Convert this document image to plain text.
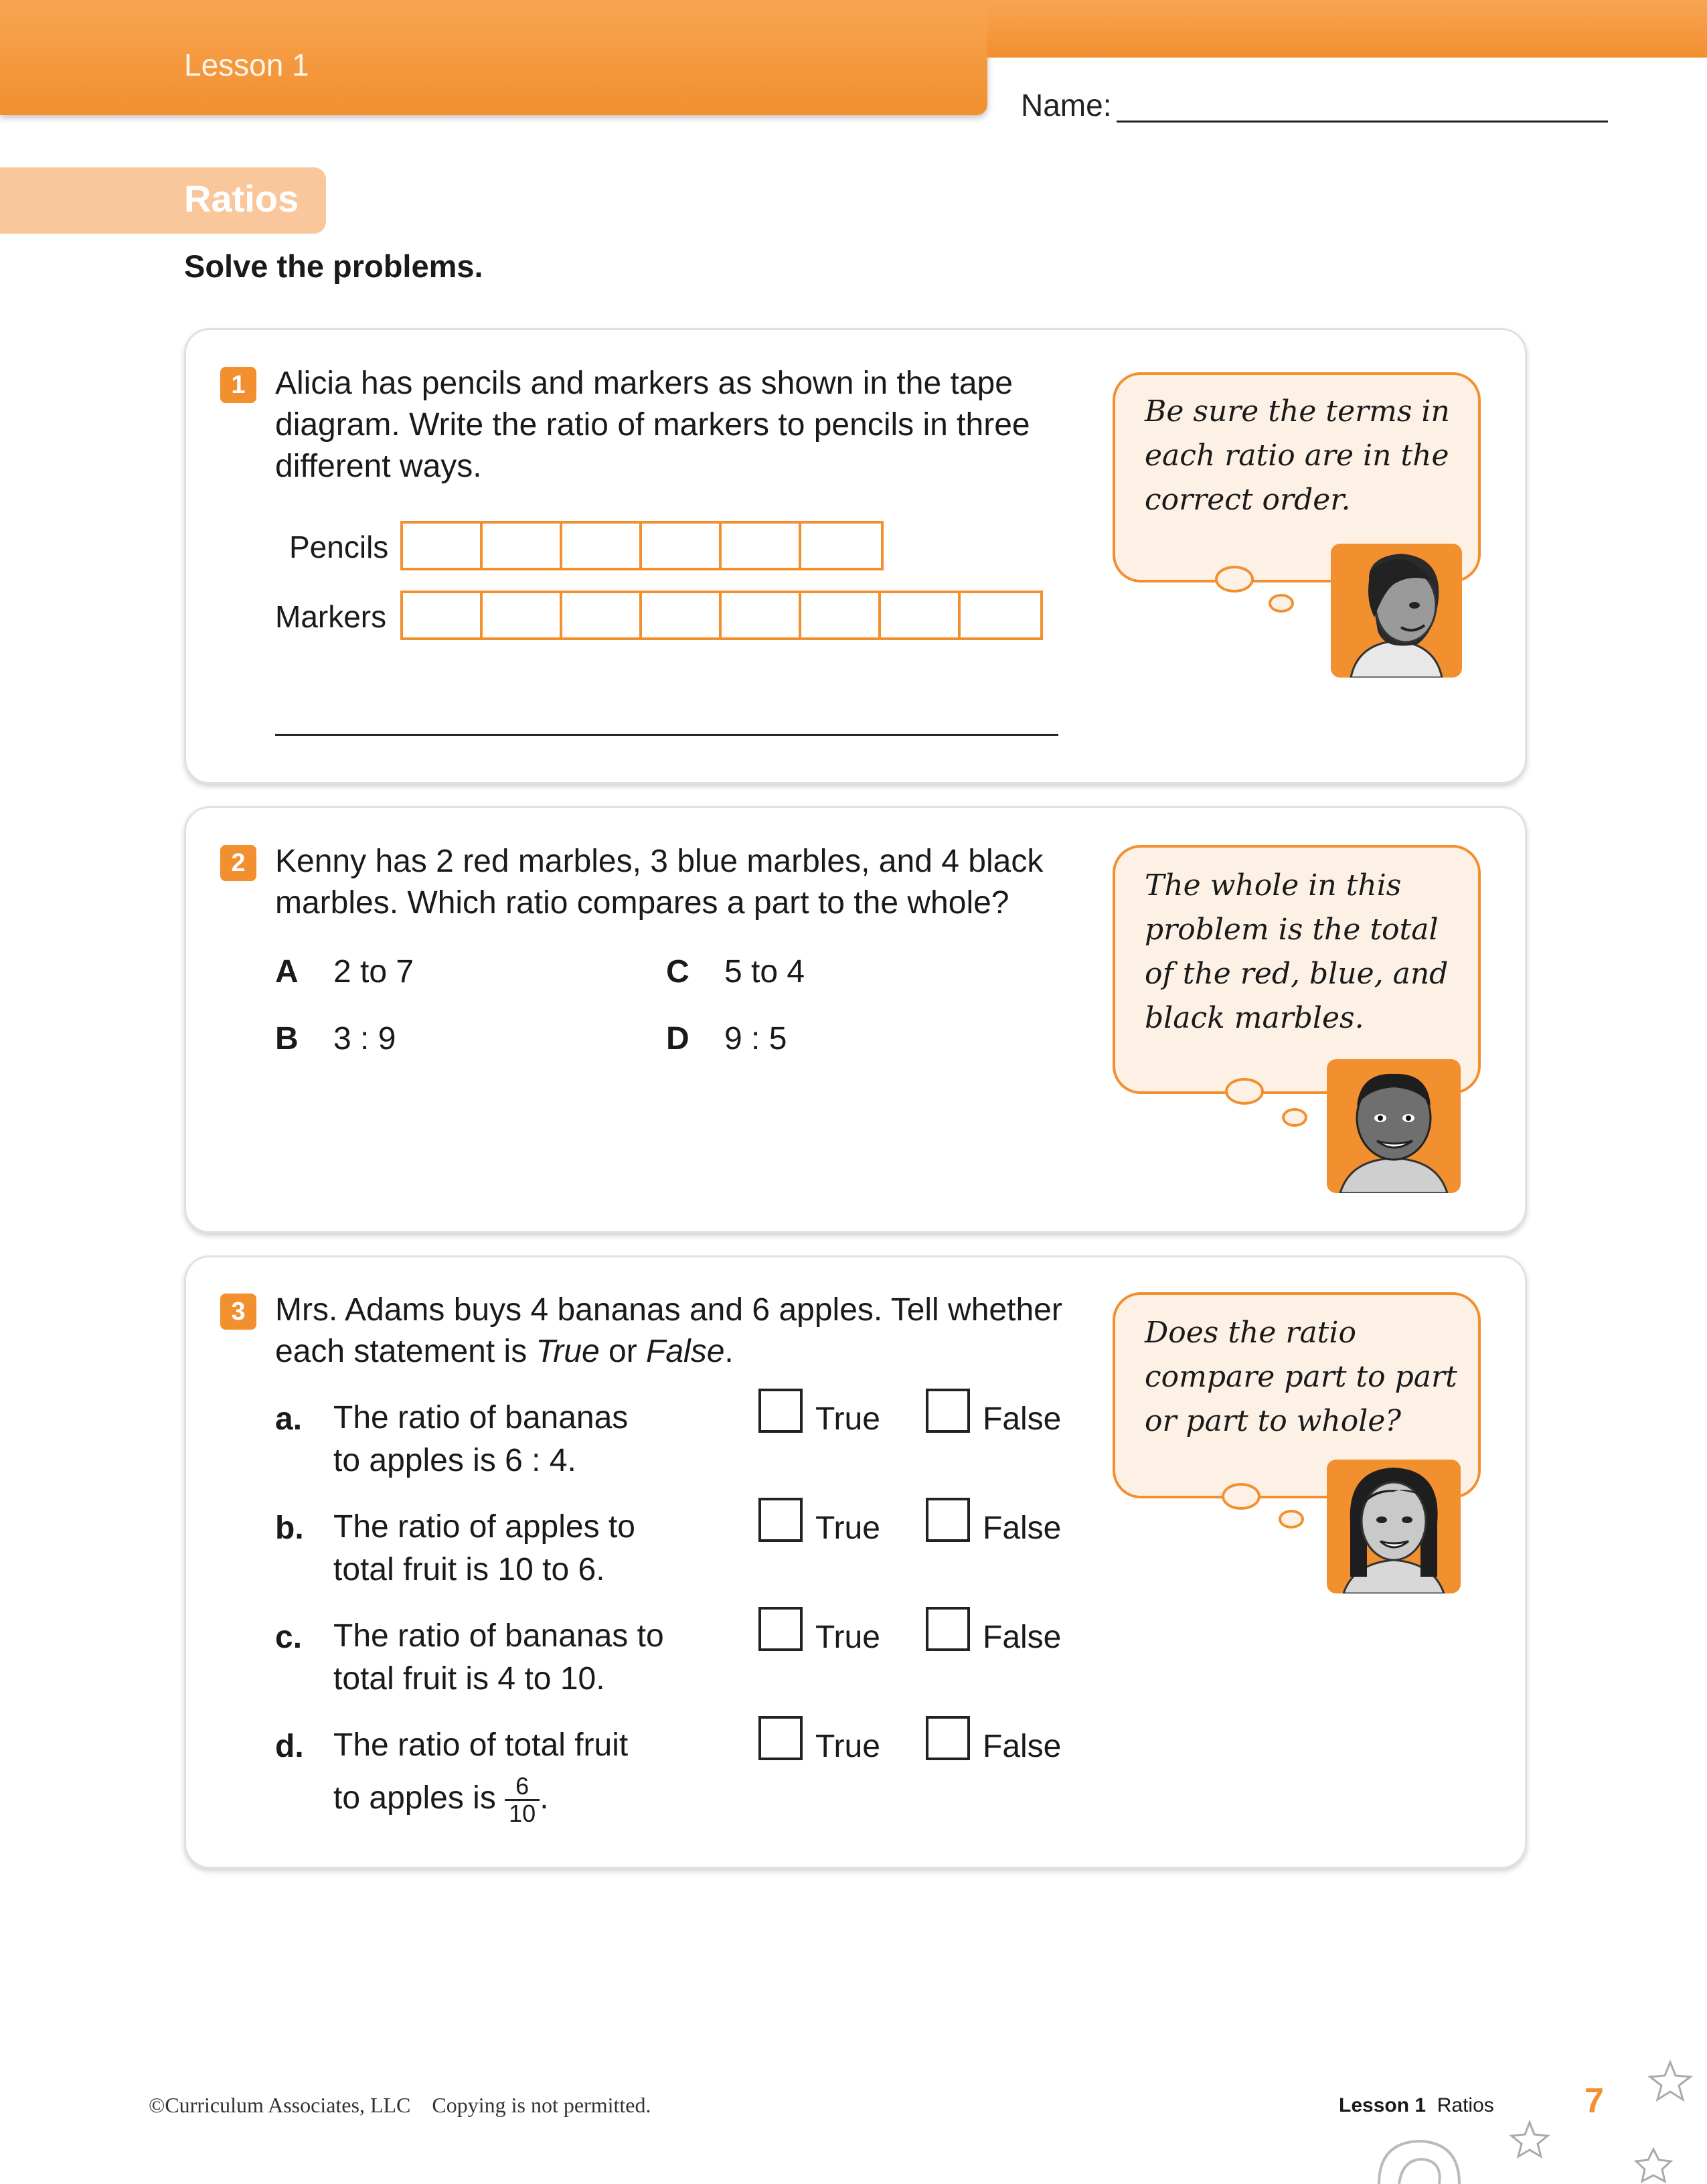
Lesson 1
Name:
Ratios
Solve the problems.
1 Alicia has pencils and markers as shown in the tape diagram. Write the ratio of markers to pencils in three different ways.
Pencils
Markers
Be sure the terms in each ratio are in the correct order.
2 Kenny has 2 red marbles, 3 blue marbles, and 4 black marbles. Which ratio compares a part to the whole?
A 2 to 7
B 3 : 9
C 5 to 4
D 9 : 5
The whole in this problem is the total of the red, blue, and black marbles.
3 Mrs. Adams buys 4 bananas and 6 apples. Tell whether each statement is True or False.
a. The ratio of bananas
to apples is 6 : 4.
True	False
b. The ratio of apples to
total fruit is 10 to 6.
True	False
c. The ratio of bananas to
total fruit is 4 to 10.
True	False
d. The ratio of total fruit
to apples is $\frac{6}{10}$ .
True	False
Does the ratio compare part to part or part to whole?
©Curriculum Associates, LLC    Copying is not permitted.	Lesson 1 Ratios	7
